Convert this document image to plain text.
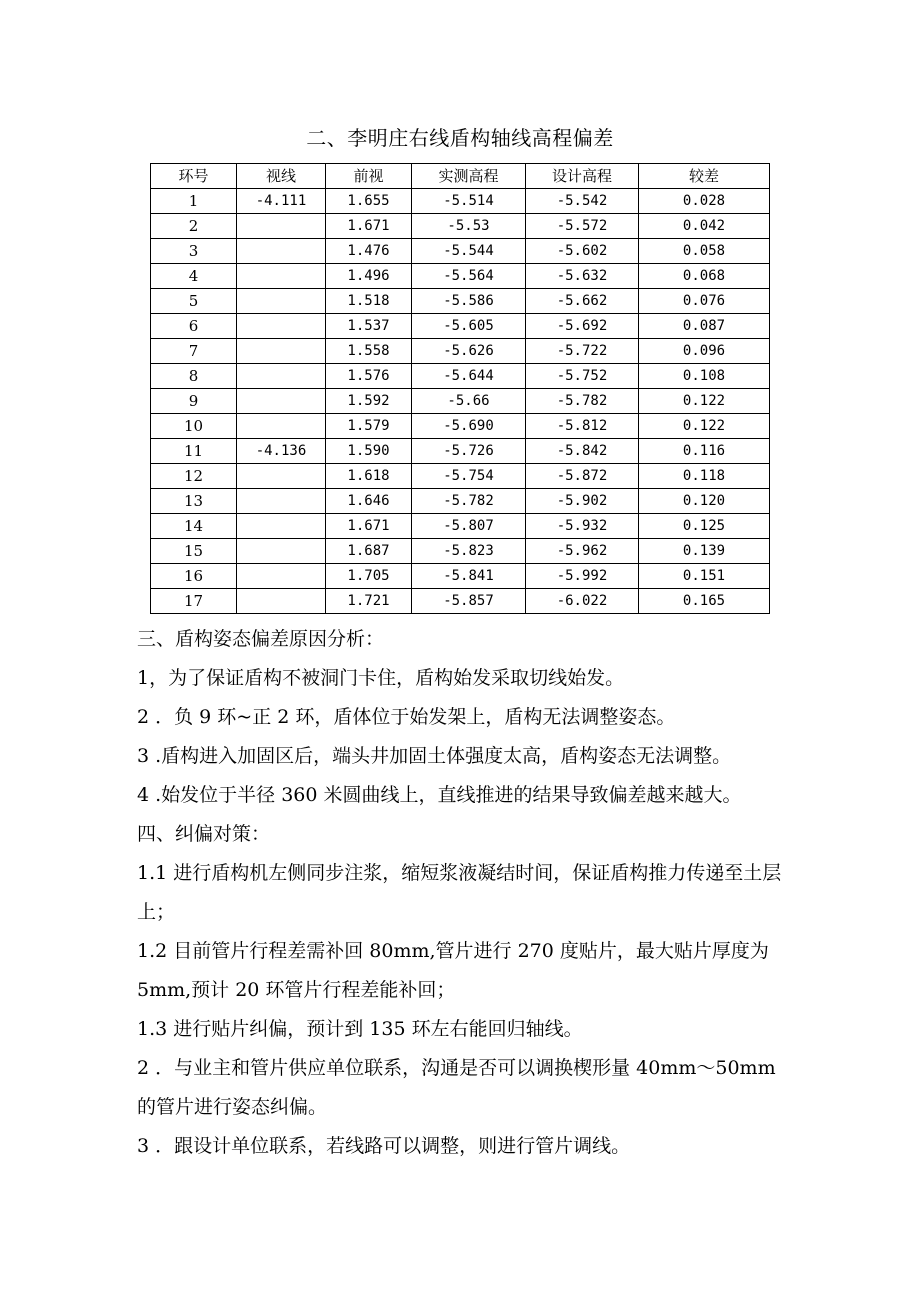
二、李明庄右线盾构轴线高程偏差
环号	视线	前视	实测高程	设计高程	较差
1	-4.111	1.655	-5.514	-5.542	0.028
2		1.671	-5.53	-5.572	0.042
3		1.476	-5.544	-5.602	0.058
4		1.496	-5.564	-5.632	0.068
5		1.518	-5.586	-5.662	0.076
6		1.537	-5.605	-5.692	0.087
7		1.558	-5.626	-5.722	0.096
8		1.576	-5.644	-5.752	0.108
9		1.592	-5.66	-5.782	0.122
10		1.579	-5.690	-5.812	0.122
11	-4.136	1.590	-5.726	-5.842	0.116
12		1.618	-5.754	-5.872	0.118
13		1.646	-5.782	-5.902	0.120
14		1.671	-5.807	-5.932	0.125
15		1.687	-5.823	-5.962	0.139
16		1.705	-5.841	-5.992	0.151
17		1.721	-5.857	-6.022	0.165

三、盾构姿态偏差原因分析：

1，为了保证盾构不被洞门卡住，盾构始发采取切线始发。

2 ．负 9 环~正 2 环，盾体位于始发架上，盾构无法调整姿态。

3 .盾构进入加固区后，端头井加固土体强度太高，盾构姿态无法调整。

4 .始发位于半径 360 米圆曲线上，直线推进的结果导致偏差越来越大。

四、纠偏对策：

1.1 进行盾构机左侧同步注浆，缩短浆液凝结时间，保证盾构推力传递至土层上；

1.2 目前管片行程差需补回 80mm,管片进行 270 度贴片，最大贴片厚度为 5mm,预计 20 环管片行程差能补回；

1.3 进行贴片纠偏，预计到 135 环左右能回归轴线。

2 ．与业主和管片供应单位联系，沟通是否可以调换楔形量 40mm～50mm 的管片进行姿态纠偏。

3 ．跟设计单位联系，若线路可以调整，则进行管片调线。
